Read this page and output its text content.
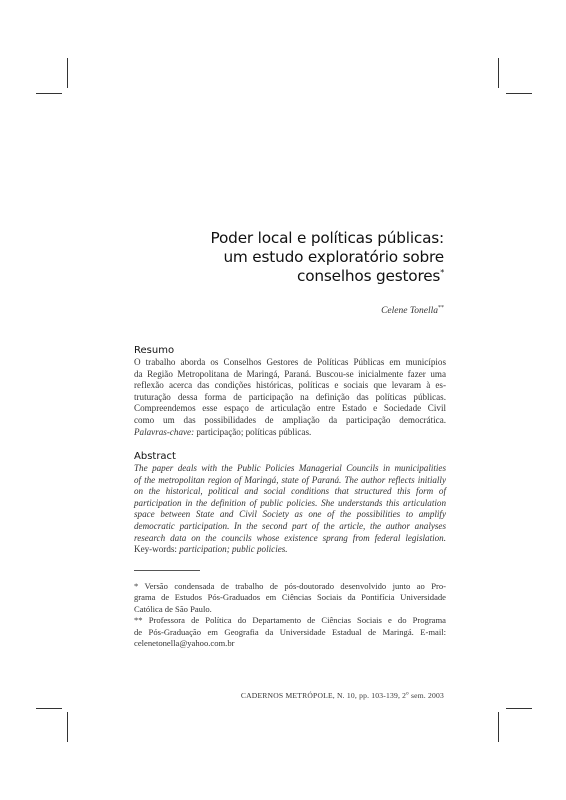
Poder local e políticas públicas:
um estudo exploratório sobre
conselhos gestores*
Celene Tonella**
Resumo
O trabalho aborda os Conselhos Gestores de Políticas Públicas em municípios
da Região Metropolitana de Maringá, Paraná. Buscou-se inicialmente fazer uma
reflexão acerca das condições históricas, políticas e sociais que levaram à es-
truturação dessa forma de participação na definição das políticas públicas.
Compreendemos esse espaço de articulação entre Estado e Sociedade Civil
como um das possibilidades de ampliação da participação democrática.
Palavras-chave: participação; políticas públicas.
Abstract
The paper deals with the Public Policies Managerial Councils in municipalities
of the metropolitan region of Maringá, state of Paraná. The author reflects initially
on the historical, political and social conditions that structured this form of
participation in the definition of public policies. She understands this articulation
space between State and Civil Society as one of the possibilities to amplify
democratic participation. In the second part of the article, the author analyses
research data on the councils whose existence sprang from federal legislation.
Key-words: participation; public policies.
* Versão condensada de trabalho de pós-doutorado desenvolvido junto ao Pro-
grama de Estudos Pós-Graduados em Ciências Sociais da Pontifícia Universidade
Católica de São Paulo.
** Professora de Política do Departamento de Ciências Sociais e do Programa
de Pós-Graduação em Geografia da Universidade Estadual de Maringá. E-mail:
celenetonella@yahoo.com.br
CADERNOS METRÓPOLE, N. 10, pp. 103-139, 2$^o$ sem. 2003
